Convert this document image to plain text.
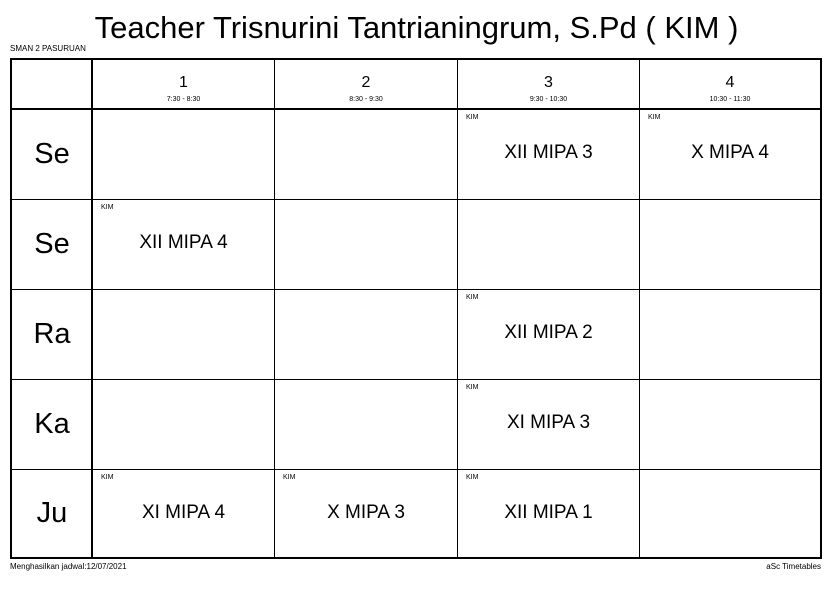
Teacher Trisnurini Tantrianingrum, S.Pd ( KIM )
SMAN 2 PASURUAN
1
7:30 - 8:30
2
8:30 - 9:30
3
9:30 - 10:30
4
10:30 - 11:30
Se
Se
Ra
Ka
Ju
KIM
XII MIPA 3
KIM
X MIPA 4
KIM
XII MIPA 4
KIM
XII MIPA 2
KIM
XI MIPA 3
KIM
XI MIPA 4
KIM
X MIPA 3
KIM
XII MIPA 1
Menghasilkan jadwal:12/07/2021	aSc Timetables
